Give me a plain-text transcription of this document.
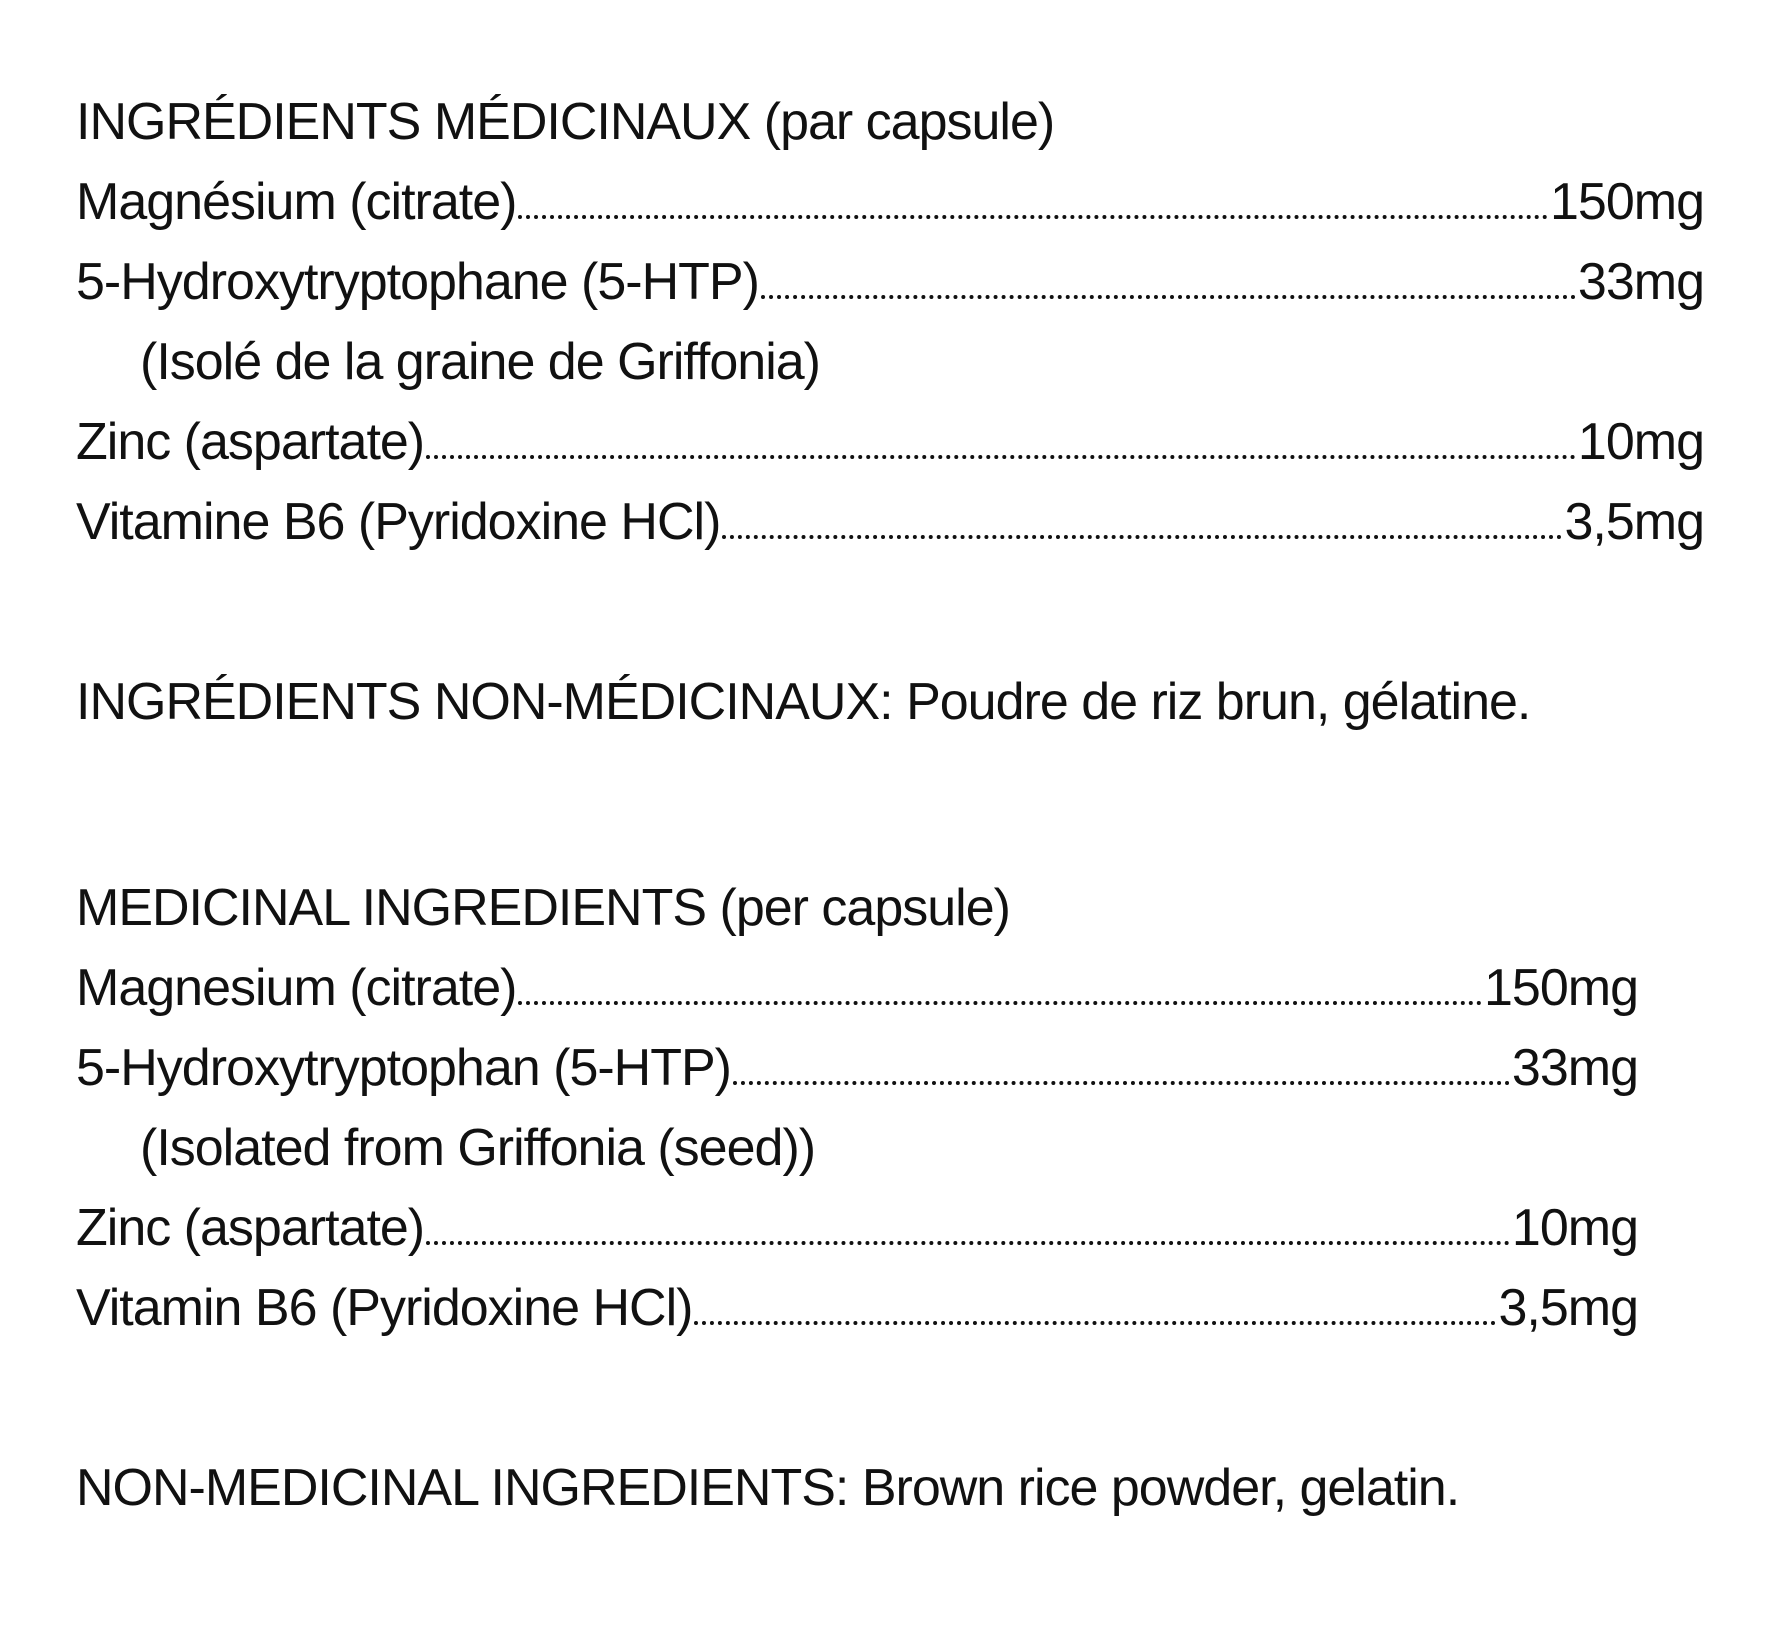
INGRÉDIENTS MÉDICINAUX
(par capsule)
Magnésium (citrate)	150mg
5-Hydroxytryptophane (5-HTP)	33mg
(Isolé de la graine de Griffonia)
Zinc (aspartate)	10mg
Vitamine B6 (Pyridoxine HCl)	3,5mg
INGRÉDIENTS NON-MÉDICINAUX: Poudre de riz brun, gélatine.
MEDICINAL INGREDIENTS
(per capsule)
Magnesium (citrate)	150mg
5-Hydroxytryptophan (5-HTP)	33mg
(Isolated from Griffonia (seed))
Zinc (aspartate)	10mg
Vitamin B6 (Pyridoxine HCl)	3,5mg
NON-MEDICINAL INGREDIENTS: Brown rice powder, gelatin.
